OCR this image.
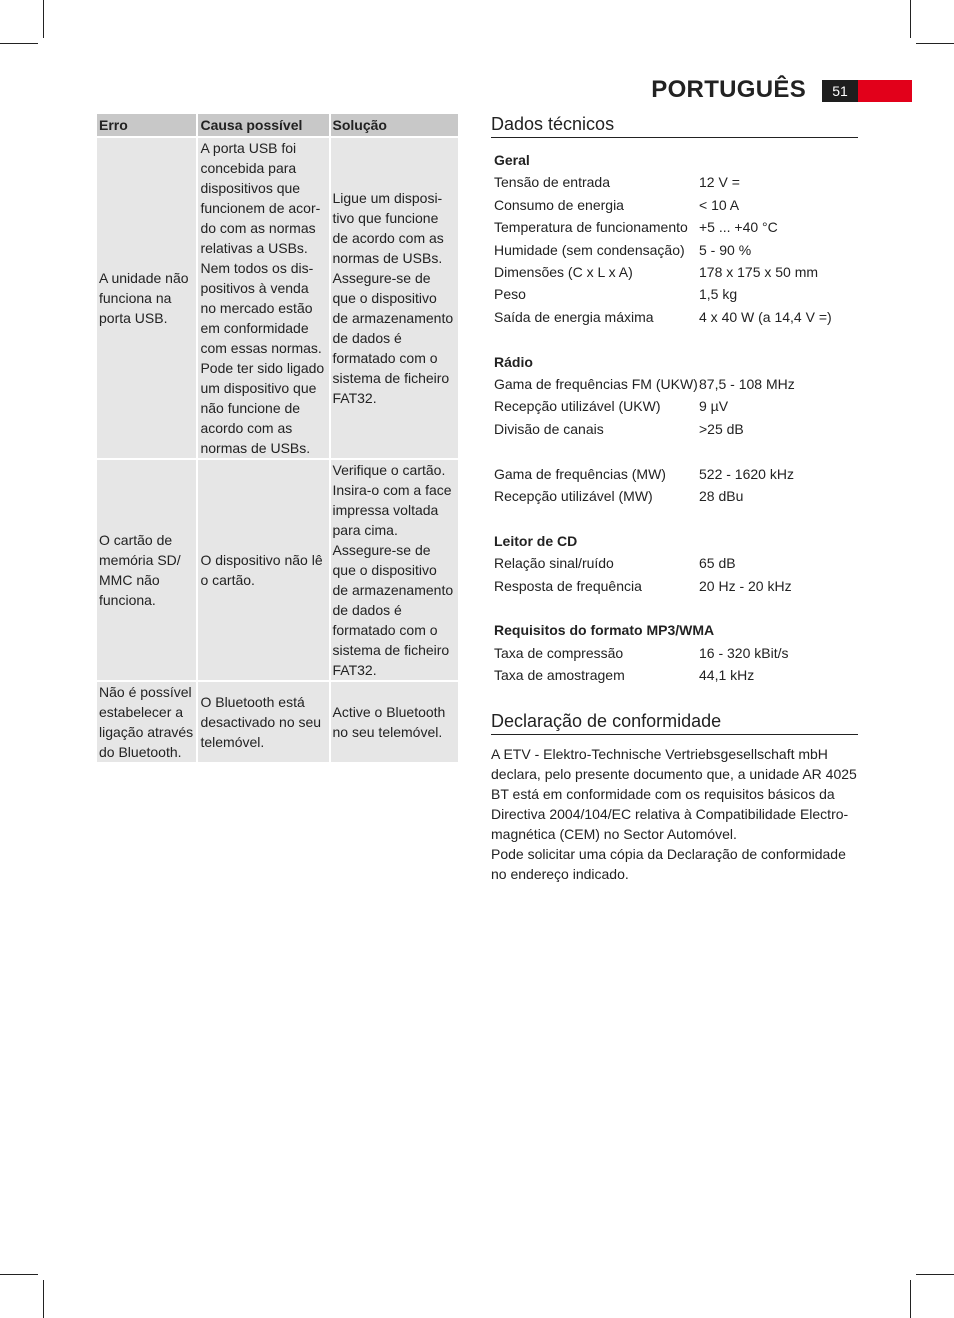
PORTUGUÊS	51
Erro	Causa possível	Solução
A unidade não funciona na porta USB.	A porta USB foi concebida para dispositivos que funcionem de acor-do com as normas relativas a USBs. Nem todos os dis-positivos à venda no mercado estão em conformidade com essas normas. Pode ter sido ligado um dispositivo que não funcione de acordo com as normas de USBs.	Ligue um disposi-tivo que funcione de acordo com as normas de USBs. Assegure-se de que o dispositivo de armazenamento de dados é formatado com o sistema de ficheiro FAT32.
O cartão de memória SD/ MMC não funciona.	O dispositivo não lê o cartão.	Verifique o cartão. Insira-o com a face impressa voltada para cima. Assegure-se de que o dispositivo de armazenamento de dados é formatado com o sistema de ficheiro FAT32.
Não é possível estabelecer a ligação através do Bluetooth.	O Bluetooth está desactivado no seu telemóvel.	Active o Bluetooth no seu telemóvel.
Dados técnicos
Geral
Tensão de entrada	12 V =
Consumo de energia	< 10 A
Temperatura de funcionamento +5 ... +40 °C
Humidade (sem condensação)	5 - 90 %
Dimensões (C x L x A)	178 x 175 x 50 mm
Peso	1,5 kg
Saída de energia máxima	4 x 40 W (a 14,4 V =)
Rádio
Gama de frequências FM (UKW) 87,5 - 108 MHz
Recepção utilizável (UKW)	9 µV
Divisão de canais	>25 dB
Gama de frequências (MW)	522 - 1620 kHz
Recepção utilizável (MW)	28 dBu
Leitor de CD
Relação sinal/ruído	65 dB
Resposta de frequência	20 Hz - 20 kHz
Requisitos do formato MP3/WMA
Taxa de compressão	16 - 320 kBit/s
Taxa de amostragem	44,1 kHz
Declaração de conformidade
A ETV - Elektro-Technische Vertriebsgesellschaft mbH declara, pelo presente documento que, a unidade AR 4025 BT está em conformidade com os requisitos básicos da Directiva 2004/104/EC relativa à Compatibilidade Electro-magnética (CEM) no Sector Automóvel.
Pode solicitar uma cópia da Declaração de conformidade no endereço indicado.
